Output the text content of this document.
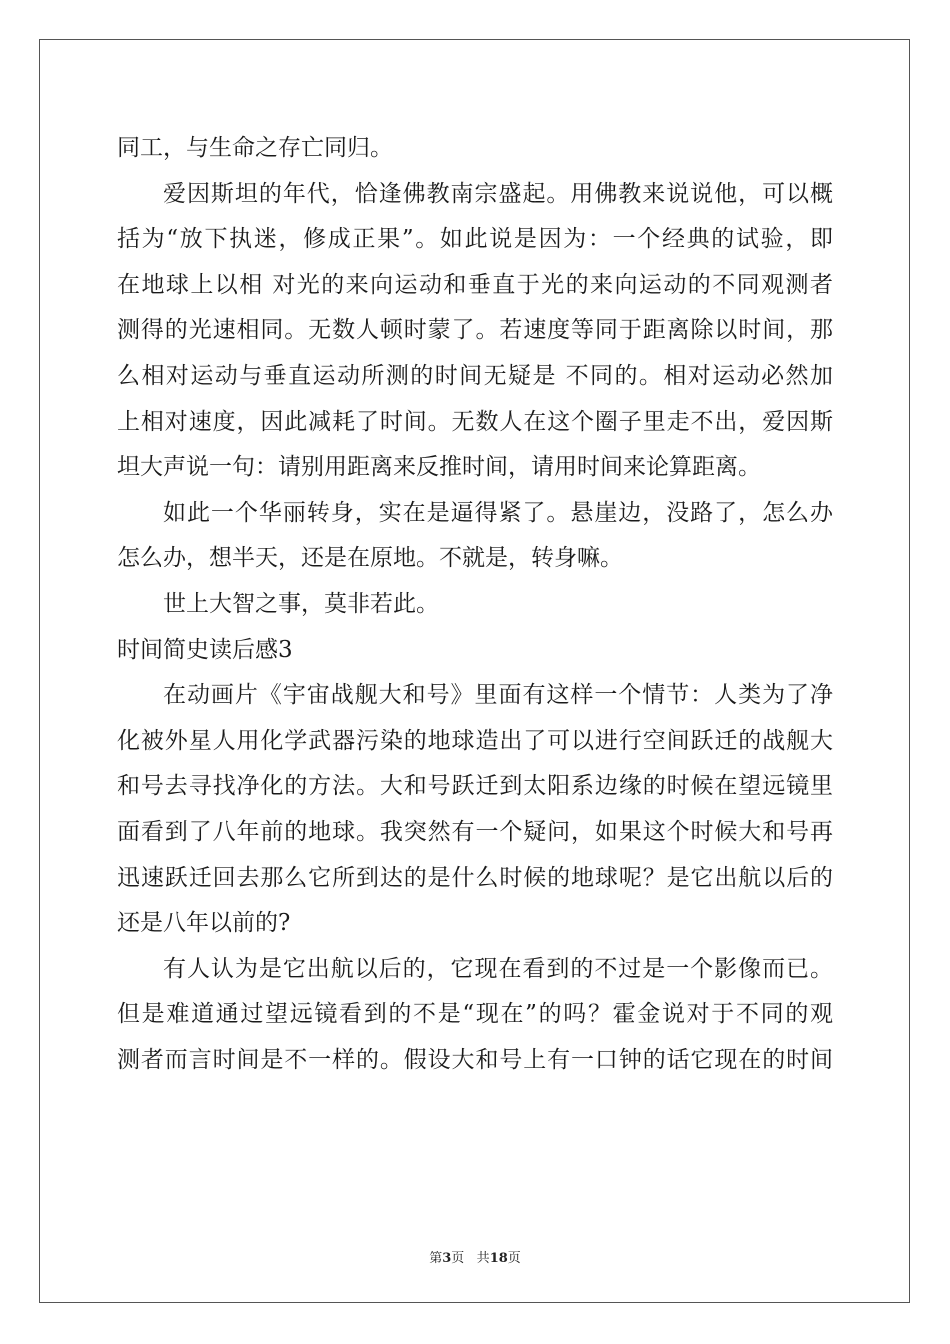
同工，与生命之存亡同归。
爱因斯坦的年代，恰逢佛教南宗盛起。用佛教来说说他，可以概
括为“放下执迷，修成正果”。如此说是因为：一个经典的试验，即
在地球上以相 对光的来向运动和垂直于光的来向运动的不同观测者
测得的光速相同。无数人顿时蒙了。若速度等同于距离除以时间，那
么相对运动与垂直运动所测的时间无疑是 不同的。相对运动必然加
上相对速度，因此减耗了时间。无数人在这个圈子里走不出，爱因斯
坦大声说一句：请别用距离来反推时间，请用时间来论算距离。
如此一个华丽转身，实在是逼得紧了。悬崖边，没路了，怎么办
怎么办，想半天，还是在原地。不就是，转身嘛。
世上大智之事，莫非若此。
时间简史读后感3
在动画片《宇宙战舰大和号》里面有这样一个情节：人类为了净
化被外星人用化学武器污染的地球造出了可以进行空间跃迁的战舰大
和号去寻找净化的方法。大和号跃迁到太阳系边缘的时候在望远镜里
面看到了八年前的地球。我突然有一个疑问，如果这个时候大和号再
迅速跃迁回去那么它所到达的是什么时候的地球呢？是它出航以后的
还是八年以前的?
有人认为是它出航以后的，它现在看到的不过是一个影像而已。
但是难道通过望远镜看到的不是“现在”的吗？霍金说对于不同的观
测者而言时间是不一样的。假设大和号上有一口钟的话它现在的时间
第3页 共18页
